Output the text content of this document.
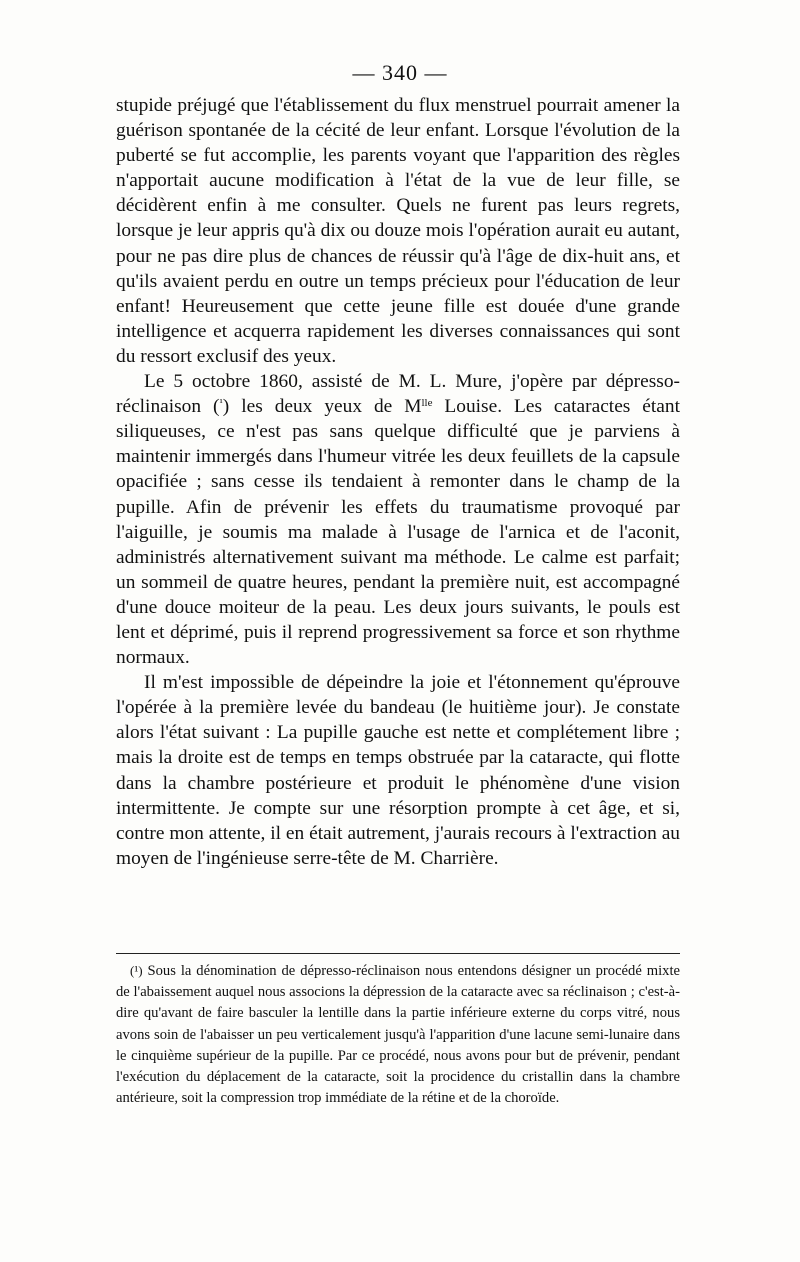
— 340 —

stupide préjugé que l'établissement du flux menstruel pourrait amener la guérison spontanée de la cécité de leur enfant. Lorsque l'évolution de la puberté se fut accomplie, les parents voyant que l'apparition des règles n'apportait aucune modification à l'état de la vue de leur fille, se décidèrent enfin à me consulter. Quels ne furent pas leurs regrets, lorsque je leur appris qu'à dix ou douze mois l'opération aurait eu autant, pour ne pas dire plus de chances de réussir qu'à l'âge de dix-huit ans, et qu'ils avaient perdu en outre un temps précieux pour l'éducation de leur enfant! Heureusement que cette jeune fille est douée d'une grande intelligence et acquerra rapidement les diverses connaissances qui sont du ressort exclusif des yeux.

Le 5 octobre 1860, assisté de M. L. Mure, j'opère par dépresso-réclinaison ($^{^1}$) les deux yeux de $M^{lle}$ Louise. Les cataractes étant siliqueuses, ce n'est pas sans quelque difficulté que je parviens à maintenir immergés dans l'humeur vitrée les deux feuillets de la capsule opacifiée ; sans cesse ils tendaient à remonter dans le champ de la pupille. Afin de prévenir les effets du traumatisme provoqué par l'aiguille, je soumis ma malade à l'usage de l'arnica et de l'aconit, administrés alternativement suivant ma méthode. Le calme est parfait; un sommeil de quatre heures, pendant la première nuit, est accompagné d'une douce moiteur de la peau. Les deux jours suivants, le pouls est lent et déprimé, puis il reprend progressivement sa force et son rhythme normaux.

Il m'est impossible de dépeindre la joie et l'étonnement qu'éprouve l'opérée à la première levée du bandeau (le huitième jour). Je constate alors l'état suivant : La pupille gauche est nette et complétement libre ; mais la droite est de temps en temps obstruée par la cataracte, qui flotte dans la chambre postérieure et produit le phénomène d'une vision intermittente. Je compte sur une résorption prompte à cet âge, et si, contre mon attente, il en était autrement, j'aurais recours à l'extraction au moyen de l'ingénieuse serre-tête de M. Charrière.

(¹) Sous la dénomination de dépresso-réclinaison nous entendons désigner un procédé mixte de l'abaissement auquel nous associons la dépression de la cataracte avec sa réclinaison ; c'est-à-dire qu'avant de faire basculer la lentille dans la partie inférieure externe du corps vitré, nous avons soin de l'abaisser un peu verticalement jusqu'à l'apparition d'une lacune semi-lunaire dans le cinquième supérieur de la pupille. Par ce procédé, nous avons pour but de prévenir, pendant l'exécution du déplacement de la cataracte, soit la procidence du cristallin dans la chambre antérieure, soit la compression trop immédiate de la rétine et de la choroïde.
